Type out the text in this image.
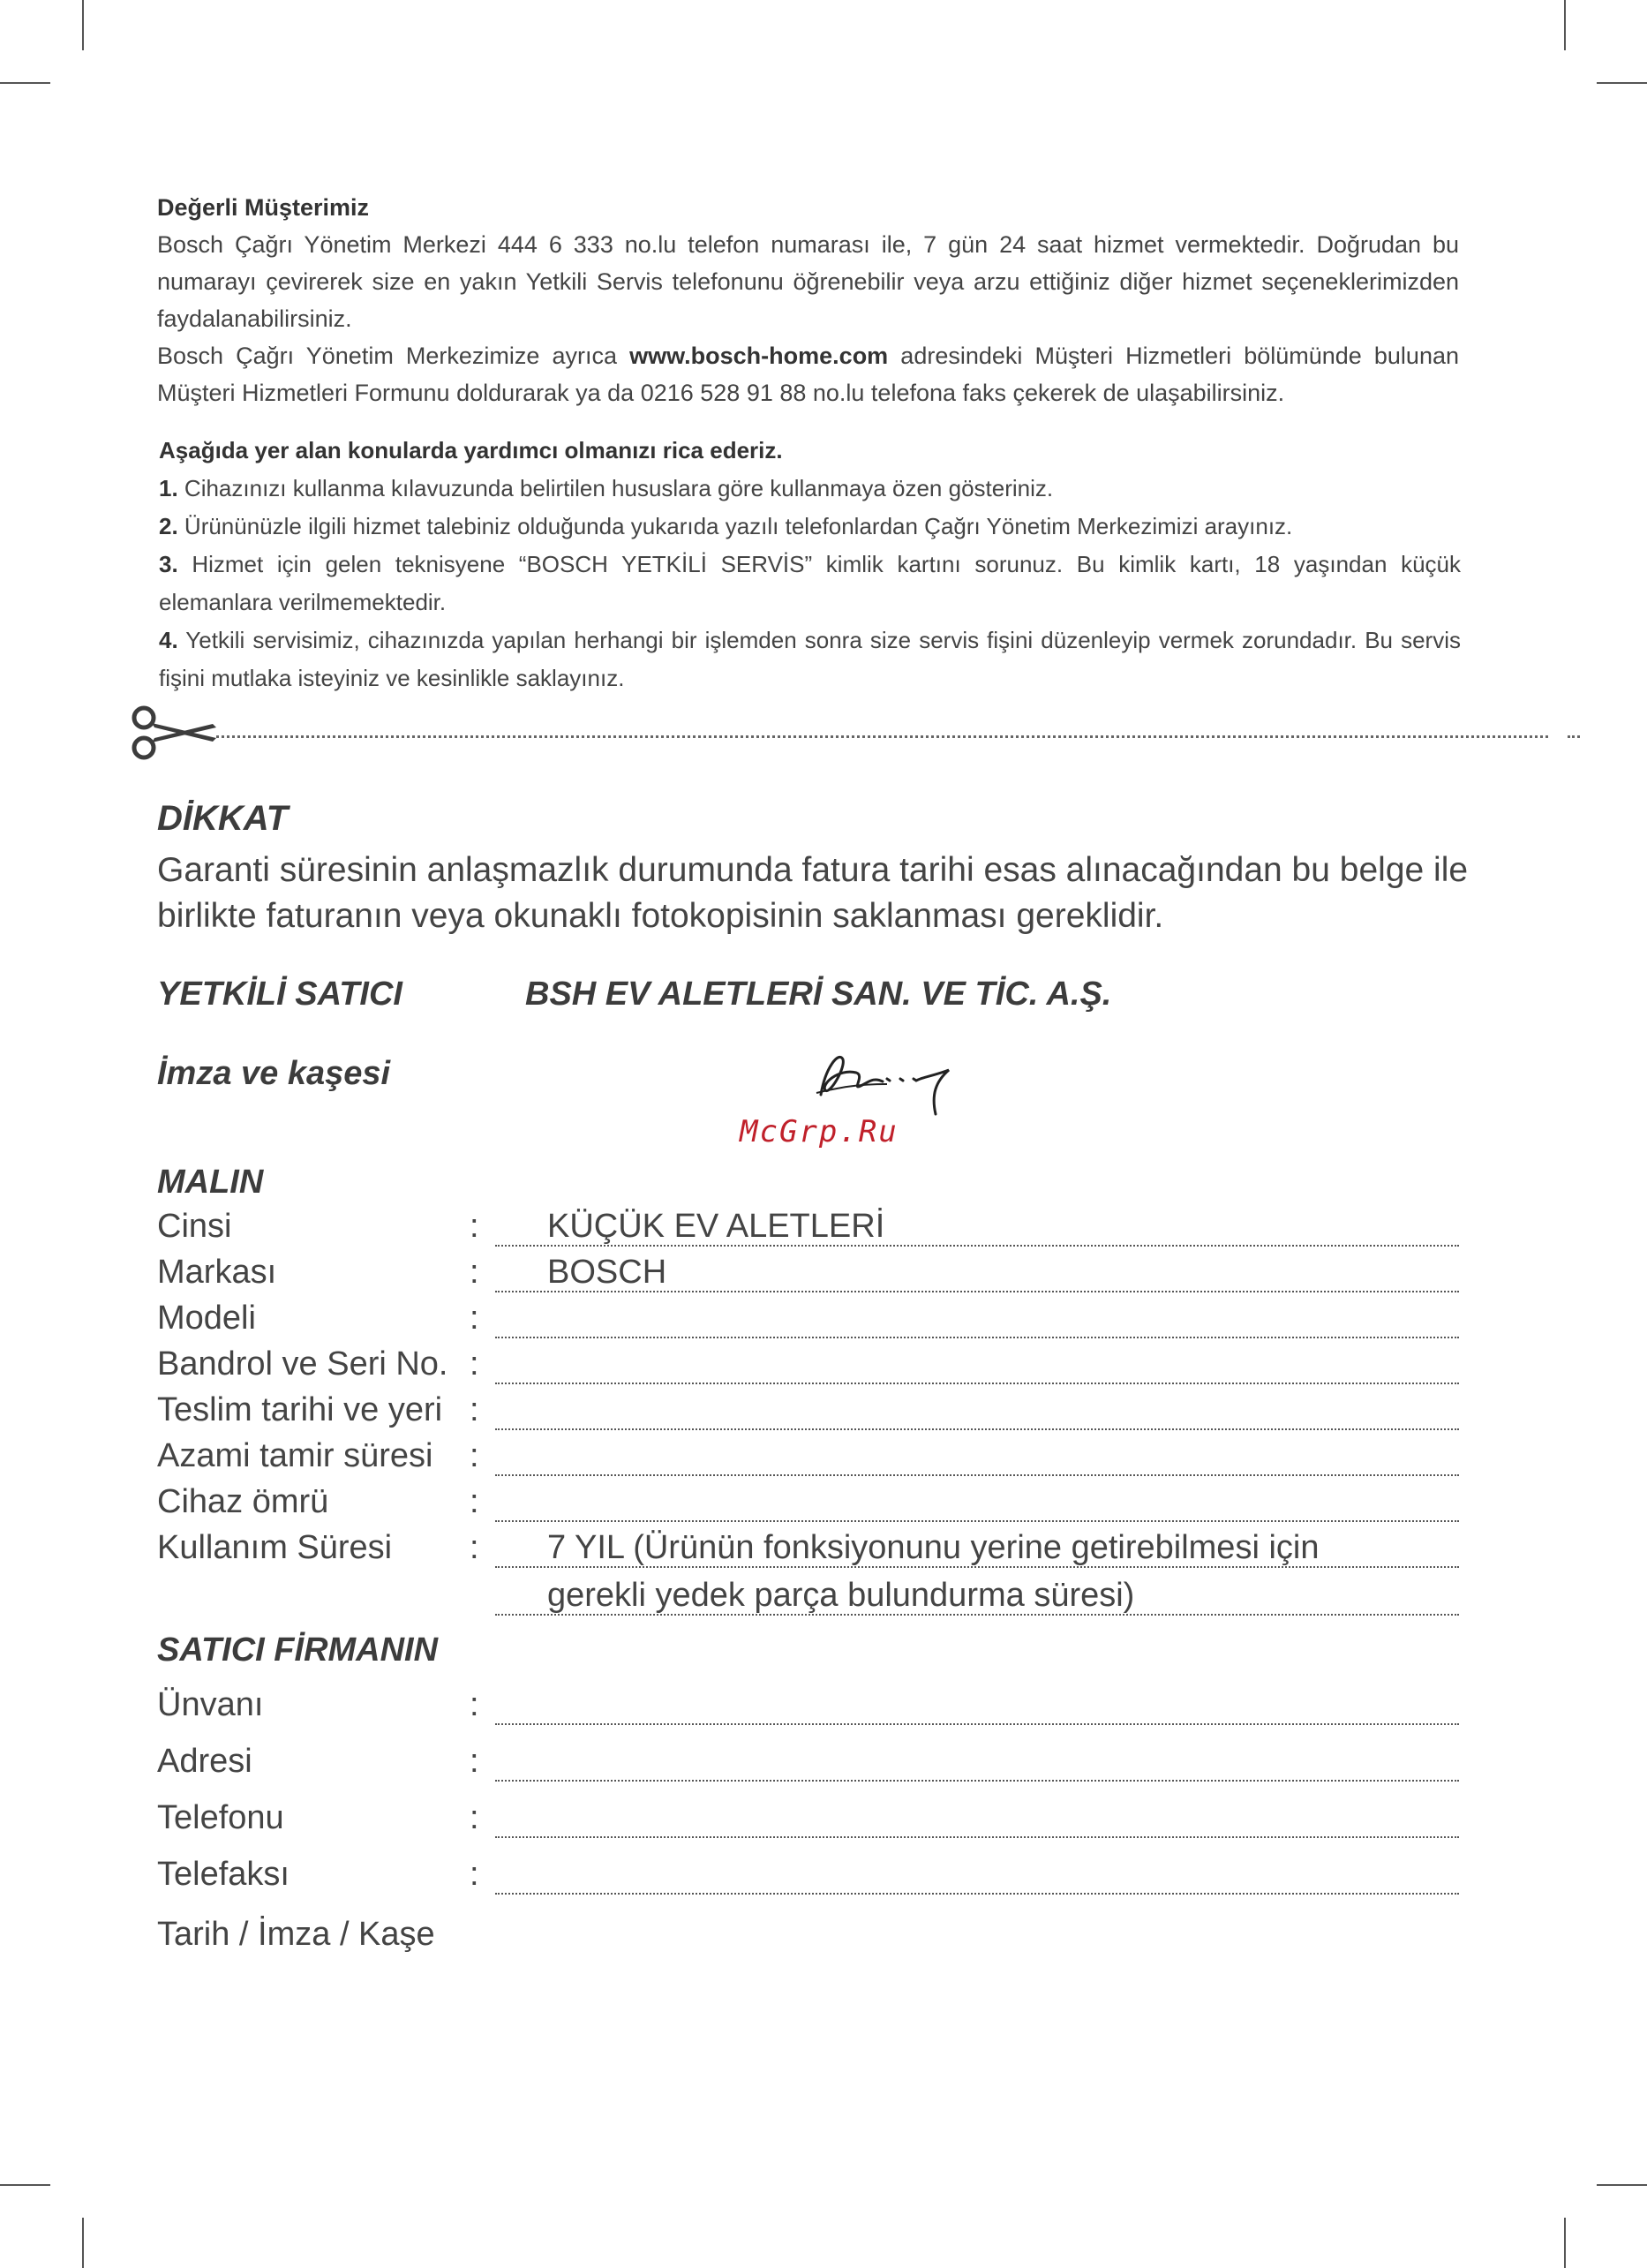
Değerli Müşterimiz

Bosch Çağrı Yönetim Merkezi 444 6 333 no.lu telefon numarası ile, 7 gün 24 saat hizmet vermektedir. Doğrudan bu numarayı çevirerek size en yakın Yetkili Servis telefonunu öğrenebilir veya arzu ettiğiniz diğer hizmet seçeneklerimizden faydalanabilirsiniz.

Bosch Çağrı Yönetim Merkezimize ayrıca www.bosch-home.com adresindeki Müşteri Hizmetleri bölümünde bulunan Müşteri Hizmetleri Formunu doldurarak ya da 0216 528 91 88 no.lu telefona faks çekerek de ulaşabilirsiniz.

Aşağıda yer alan konularda yardımcı olmanızı rica ederiz.

1. Cihazınızı kullanma kılavuzunda belirtilen hususlara göre kullanmaya özen gösteriniz.

2. Ürününüzle ilgili hizmet talebiniz olduğunda yukarıda yazılı telefonlardan Çağrı Yönetim Merkezimizi arayınız.

3. Hizmet için gelen teknisyene “BOSCH YETKİLİ SERVİS” kimlik kartını sorunuz. Bu kimlik kartı, 18 yaşından küçük elemanlara verilmemektedir.

4. Yetkili servisimiz, cihazınızda yapılan herhangi bir işlemden sonra size servis fişini düzenleyip vermek zorundadır. Bu servis fişini mutlaka isteyiniz ve kesinlikle saklayınız.

DİKKAT
Garanti süresinin anlaşmazlık durumunda fatura tarihi esas alınacağından bu belge ile birlikte faturanın veya okunaklı fotokopisinin saklanması gereklidir.
YETKİLİ SATICI	BSH EV ALETLERİ SAN. VE TİC. A.Ş.
İmza ve kaşesi
McGrp.Ru
MALIN
Cinsi	: KÜÇÜK EV ALETLERİ
Markası	: BOSCH
Modeli	:
Bandrol ve Seri No. :
Teslim tarihi ve yeri :
Azami tamir süresi :
Cihaz ömrü	:
Kullanım Süresi : 7 YIL (Ürünün fonksiyonunu yerine getirebilmesi için
gerekli yedek parça bulundurma süresi)
SATICI FİRMANIN
Ünvanı	:
Adresi	:
Telefonu	:
Telefaksı	:
Tarih / İmza / Kaşe
